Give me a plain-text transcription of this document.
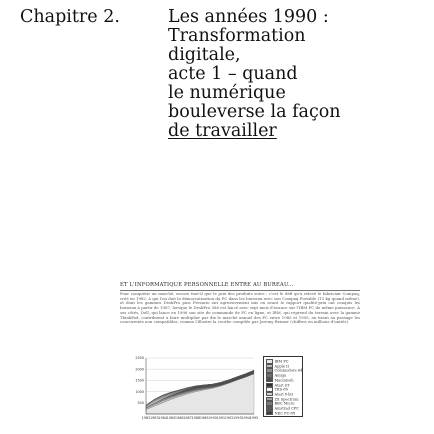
Chapitre 2.	Les années 1990 :
Transformation
digitale,
acte 1 – quand
le numérique
bouleverse la façon
de travailler
ET L'INFORMATIQUE PERSONNELLE ENTRE AU BUREAU...
Pour conquérir un marché, encore faut-il que le prix des produits suive : c'est le défi qu'a relevé le fabricant Compaq, créé en 1982, à qui l'on doit la démocratisation du PC dans les bureaux avec son Compaq Portable (13 kg quand même), et dont les gammes DeskPro puis Presario ont agressivement mis en avant le rapport qualité-prix ont conquis les bureaux à partir de 1987, lorsque le DeskPro 386 est lancé avec sept mois d'avance sur l'IBM PC de même puissance. À ses côtés, Dell, qui lance en 1996 son site de commande de PC en ligne, et IBM, qui reprend du terrain avec la gamme ThinkPad, contribuent à faire multiplier par dix le marché annuel des PC entre 1985 et 1995, en tirant au passage les concurrents non compatibles, comme l'illustre la courbe compilée par Jeremy Reimer (chiffres en millions d'unités).
500
1000
1500
2000
2500
1982 1983 1984 1985 1986 1987 1988 1989 1990 1991 1992 1993 1994 1995
IBM PC
Apple II
Commodore 64
Amiga
Macintosh
Atari ST
TRS-80
Atari 8-bit
ZX Spectrum
BBC Micro
Amstrad CPC
NEC PC-88
